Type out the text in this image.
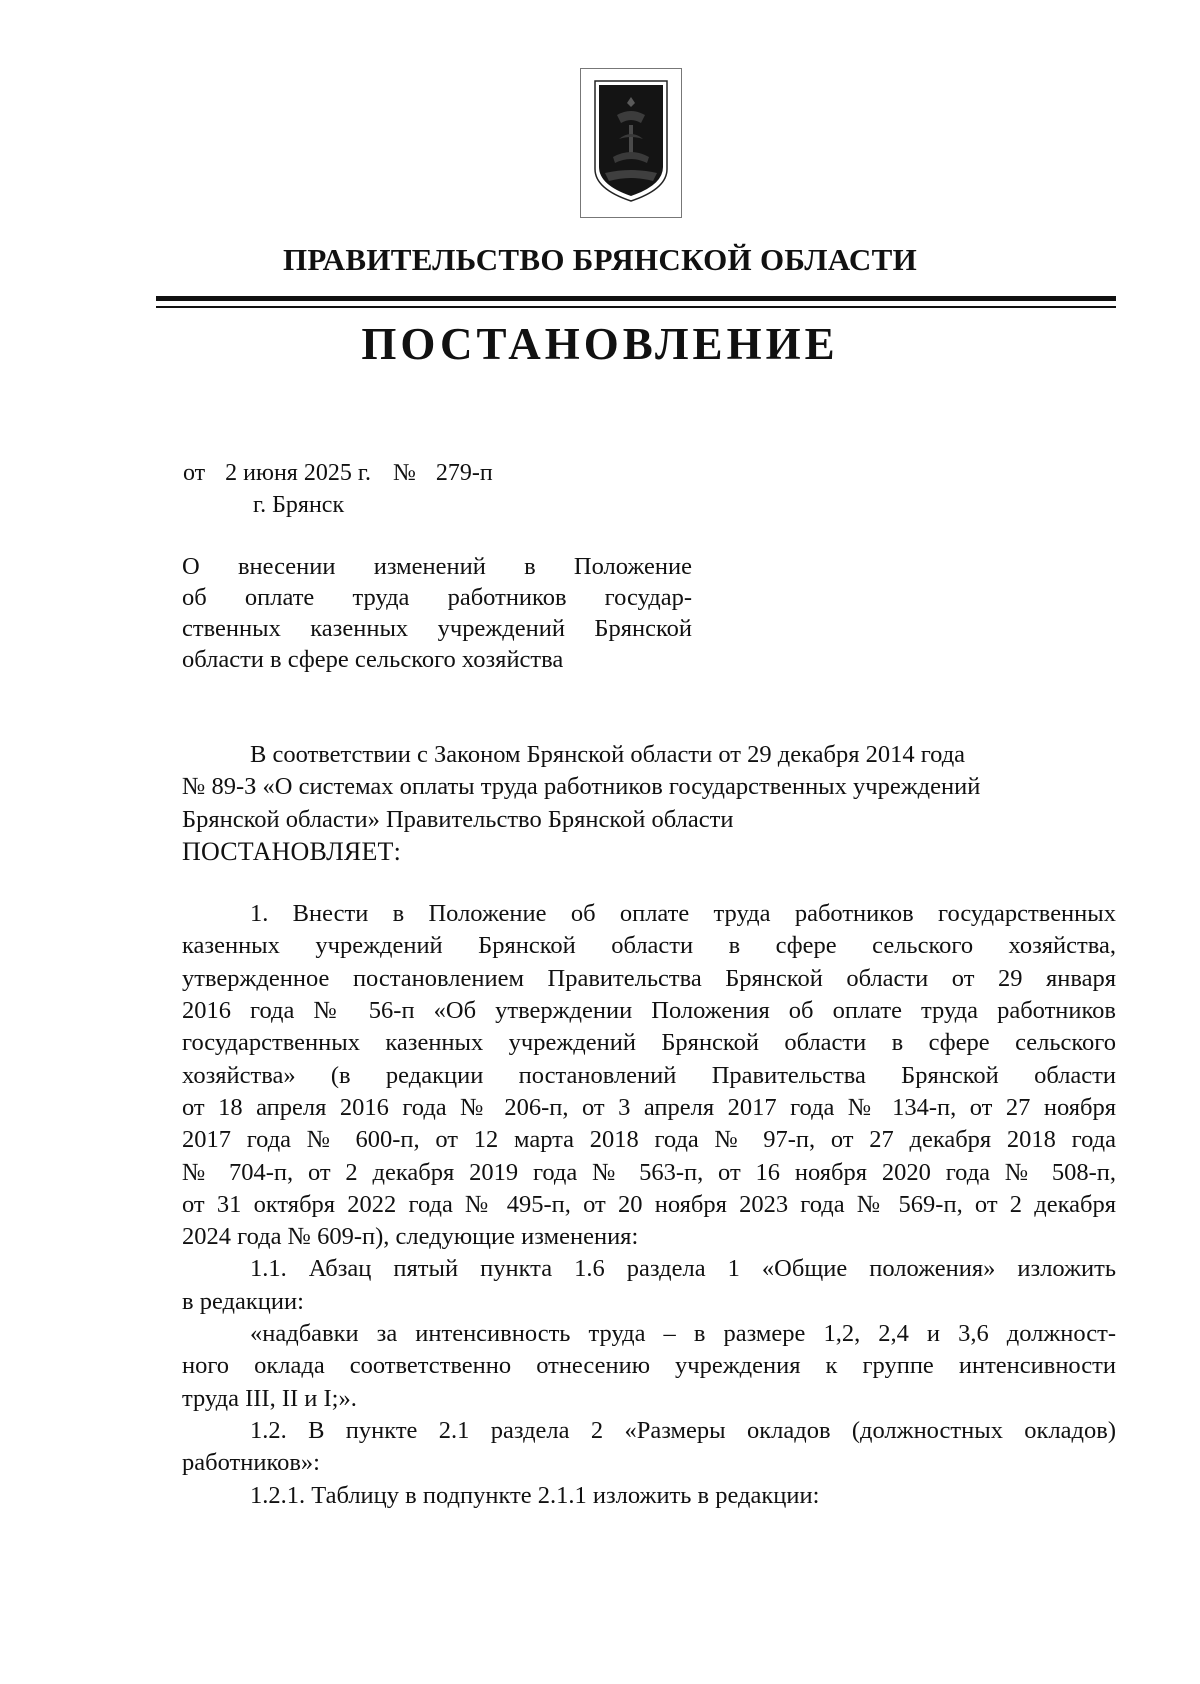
ПРАВИТЕЛЬСТВО БРЯНСКОЙ ОБЛАСТИ
ПОСТАНОВЛЕНИЕ
от 2 июня 2025 г. № 279-п
г. Брянск
О внесении изменений в Положение
об оплате труда работников государ-
ственных казенных учреждений Брянской
области в сфере сельского хозяйства
В соответствии с Законом Брянской области от 29 декабря 2014 года
№ 89-З «О системах оплаты труда работников государственных учреждений
Брянской области» Правительство Брянской области
ПОСТАНОВЛЯЕТ:
1. Внести в Положение об оплате труда работников государственных
казенных учреждений Брянской области в сфере сельского хозяйства,
утвержденное постановлением Правительства Брянской области от 29 января
2016 года № 56-п «Об утверждении Положения об оплате труда работников
государственных казенных учреждений Брянской области в сфере сельского
хозяйства» (в редакции постановлений Правительства Брянской области
от 18 апреля 2016 года № 206-п, от 3 апреля 2017 года № 134-п, от 27 ноября
2017 года № 600-п, от 12 марта 2018 года № 97-п, от 27 декабря 2018 года
№ 704-п, от 2 декабря 2019 года № 563-п, от 16 ноября 2020 года № 508-п,
от 31 октября 2022 года № 495-п, от 20 ноября 2023 года № 569-п, от 2 декабря
2024 года № 609-п), следующие изменения:
1.1. Абзац пятый пункта 1.6 раздела 1 «Общие положения» изложить
в редакции:
«надбавки за интенсивность труда – в размере 1,2, 2,4 и 3,6 должност-
ного оклада соответственно отнесению учреждения к группе интенсивности
труда III, II и I;».
1.2. В пункте 2.1 раздела 2 «Размеры окладов (должностных окладов)
работников»:
1.2.1. Таблицу в подпункте 2.1.1 изложить в редакции:
